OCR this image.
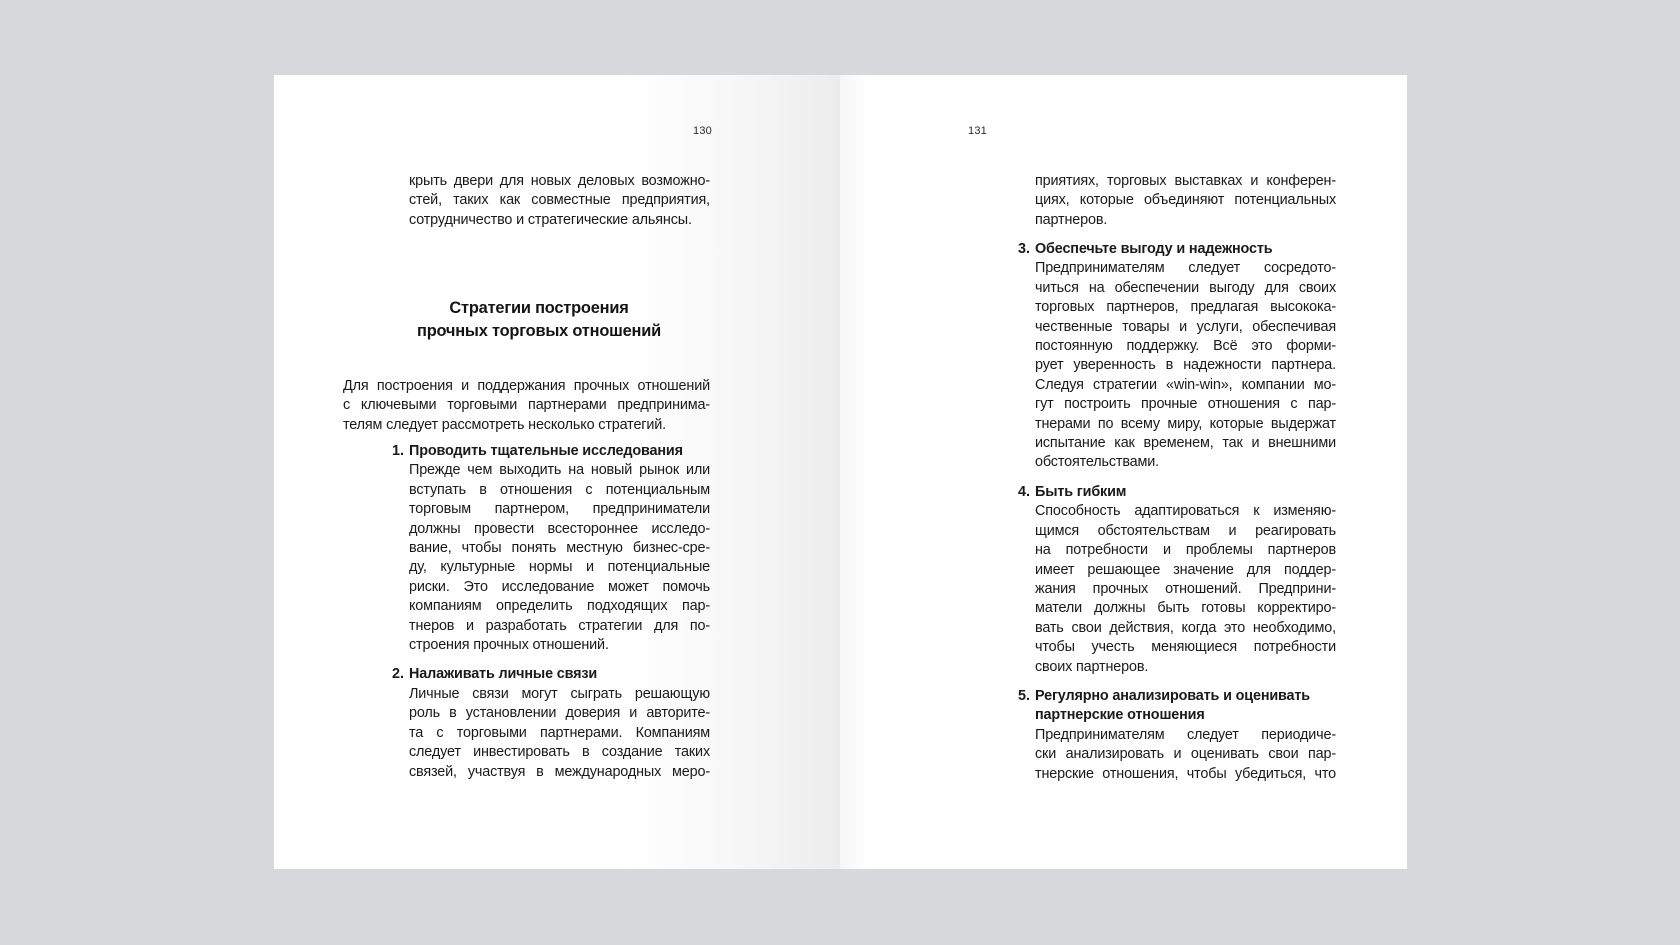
130
крыть двери для новых деловых возможно-
стей, таких как совместные предприятия,
сотрудничество и стратегические альянсы.
Стратегии построения
прочных торговых отношений
Для построения и поддержания прочных отношений
с ключевыми торговыми партнерами предпринима-
телям следует рассмотреть несколько стратегий.
1. Проводить тщательные исследования

Прежде чем выходить на новый рынок или
вступать в отношения с потенциальным
торговым партнером, предприниматели
должны провести всестороннее исследо-
вание, чтобы понять местную бизнес-сре-
ду, культурные нормы и потенциальные
риски. Это исследование может помочь
компаниям определить подходящих пар-
тнеров и разработать стратегии для по-
строения прочных отношений.
2. Налаживать личные связи

Личные связи могут сыграть решающую
роль в установлении доверия и авторите-
та с торговыми партнерами. Компаниям
следует инвестировать в создание таких
связей, участвуя в международных меро-
131
приятиях, торговых выставках и конферен-
циях, которые объединяют потенциальных
партнеров.
3. Обеспечьте выгоду и надежность

Предпринимателям следует сосредото-
читься на обеспечении выгоду для своих
торговых партнеров, предлагая высокока-
чественные товары и услуги, обеспечивая
постоянную поддержку. Всё это форми-
рует уверенность в надежности партнера.
Следуя стратегии «win-win», компании мо-
гут построить прочные отношения с пар-
тнерами по всему миру, которые выдержат
испытание как временем, так и внешними
обстоятельствами.
4. Быть гибким

Способность адаптироваться к изменяю-
щимся обстоятельствам и реагировать
на потребности и проблемы партнеров
имеет решающее значение для поддер-
жания прочных отношений. Предприни-
матели должны быть готовы корректиро-
вать свои действия, когда это необходимо,
чтобы учесть меняющиеся потребности
своих партнеров.
5. Регулярно анализировать и оценивать
партнерские отношения

Предпринимателям следует периодиче-
ски анализировать и оценивать свои пар-
тнерские отношения, чтобы убедиться, что
